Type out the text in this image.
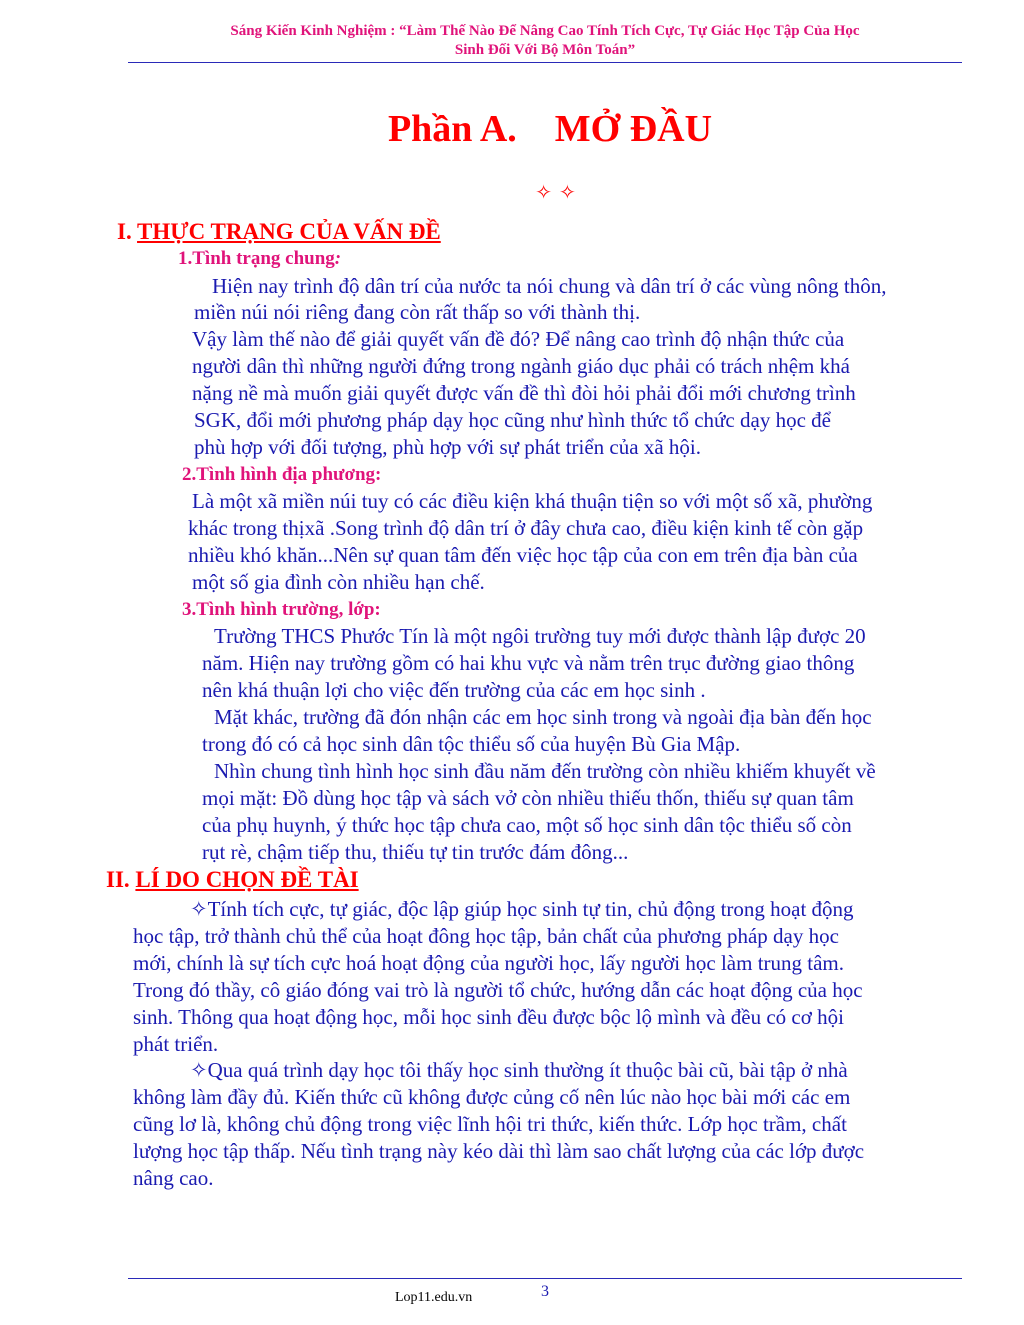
Sáng Kiến Kinh Nghiệm : “Làm Thế Nào Để Nâng Cao Tính Tích Cực, Tự Giác Học Tập Của Học
Sinh Đối Với Bộ Môn Toán”
Phần A.    MỞ ĐẦU

✧ ✧

I. THỰC TRẠNG CỦA VẤN ĐỀ
1.Tình trạng chung:
Hiện nay trình độ dân trí của nước ta nói chung và dân trí ở các vùng nông thôn,
miền núi nói riêng đang còn rất thấp so với thành thị.
Vậy làm thế nào để giải quyết vấn đề đó? Để nâng cao trình độ nhận thức của
người dân thì những người đứng trong ngành giáo dục phải có trách nhệm khá
nặng nề mà muốn giải quyết được vấn đề thì đòi hỏi phải đổi mới chương trình
SGK, đổi mới phương pháp dạy học cũng như hình thức tổ chức dạy học để
phù hợp với đối tượng, phù hợp với sự phát triển của xã hội.
2.Tình hình địa phương:
Là một xã miền núi tuy có các điều kiện khá thuận tiện so với một số xã, phường
khác trong thịxã .Song trình độ dân trí ở đây chưa cao, điều kiện kinh tế còn gặp
nhiều khó khăn...Nên sự quan tâm đến việc học tập của con em trên địa bàn của
một số gia đình còn nhiều hạn chế.
3.Tình hình trường, lớp:
Trường THCS Phước Tín là một ngôi trường tuy mới được thành lập được 20
năm. Hiện nay trường gồm có hai khu vực và nằm trên trục đường giao thông
nên khá thuận lợi cho việc đến trường của các em học sinh .
Mặt khác, trường đã đón nhận các em học sinh trong và ngoài địa bàn đến học
trong đó có cả học sinh dân tộc thiểu số của huyện Bù Gia Mập.
Nhìn chung tình hình học sinh đầu năm đến trường còn nhiều khiếm khuyết về
mọi mặt: Đồ dùng học tập và sách vở còn nhiều thiếu thốn, thiếu sự quan tâm
của phụ huynh, ý thức học tập chưa cao, một số học sinh dân tộc thiểu số còn
rụt rè, chậm tiếp thu, thiếu tự tin trước đám đông...
II. LÍ DO CHỌN ĐỀ TÀI
✧Tính tích cực, tự giác, độc lập giúp học sinh tự tin, chủ động trong hoạt động
học tập, trở thành chủ thể của hoạt đông học tập, bản chất của phương pháp dạy học
mới, chính là sự tích cực hoá hoạt động của người học, lấy người học làm trung tâm.
Trong đó thầy, cô giáo đóng vai trò là người tổ chức, hướng dẫn các hoạt động của học
sinh. Thông qua hoạt động học, mỗi học sinh đều được bộc lộ mình và đều có cơ hội
phát triển.
✧Qua quá trình dạy học tôi thấy học sinh thường ít thuộc bài cũ, bài tập ở nhà
không làm đầy đủ. Kiến thức cũ không được củng cố nên lúc nào học bài mới các em
cũng lơ là, không chủ động trong việc lĩnh hội tri thức, kiến thức. Lớp học trầm, chất
lượng học tập thấp. Nếu tình trạng này kéo dài thì làm sao chất lượng của các lớp được
nâng cao.
Lop11.edu.vn	3
